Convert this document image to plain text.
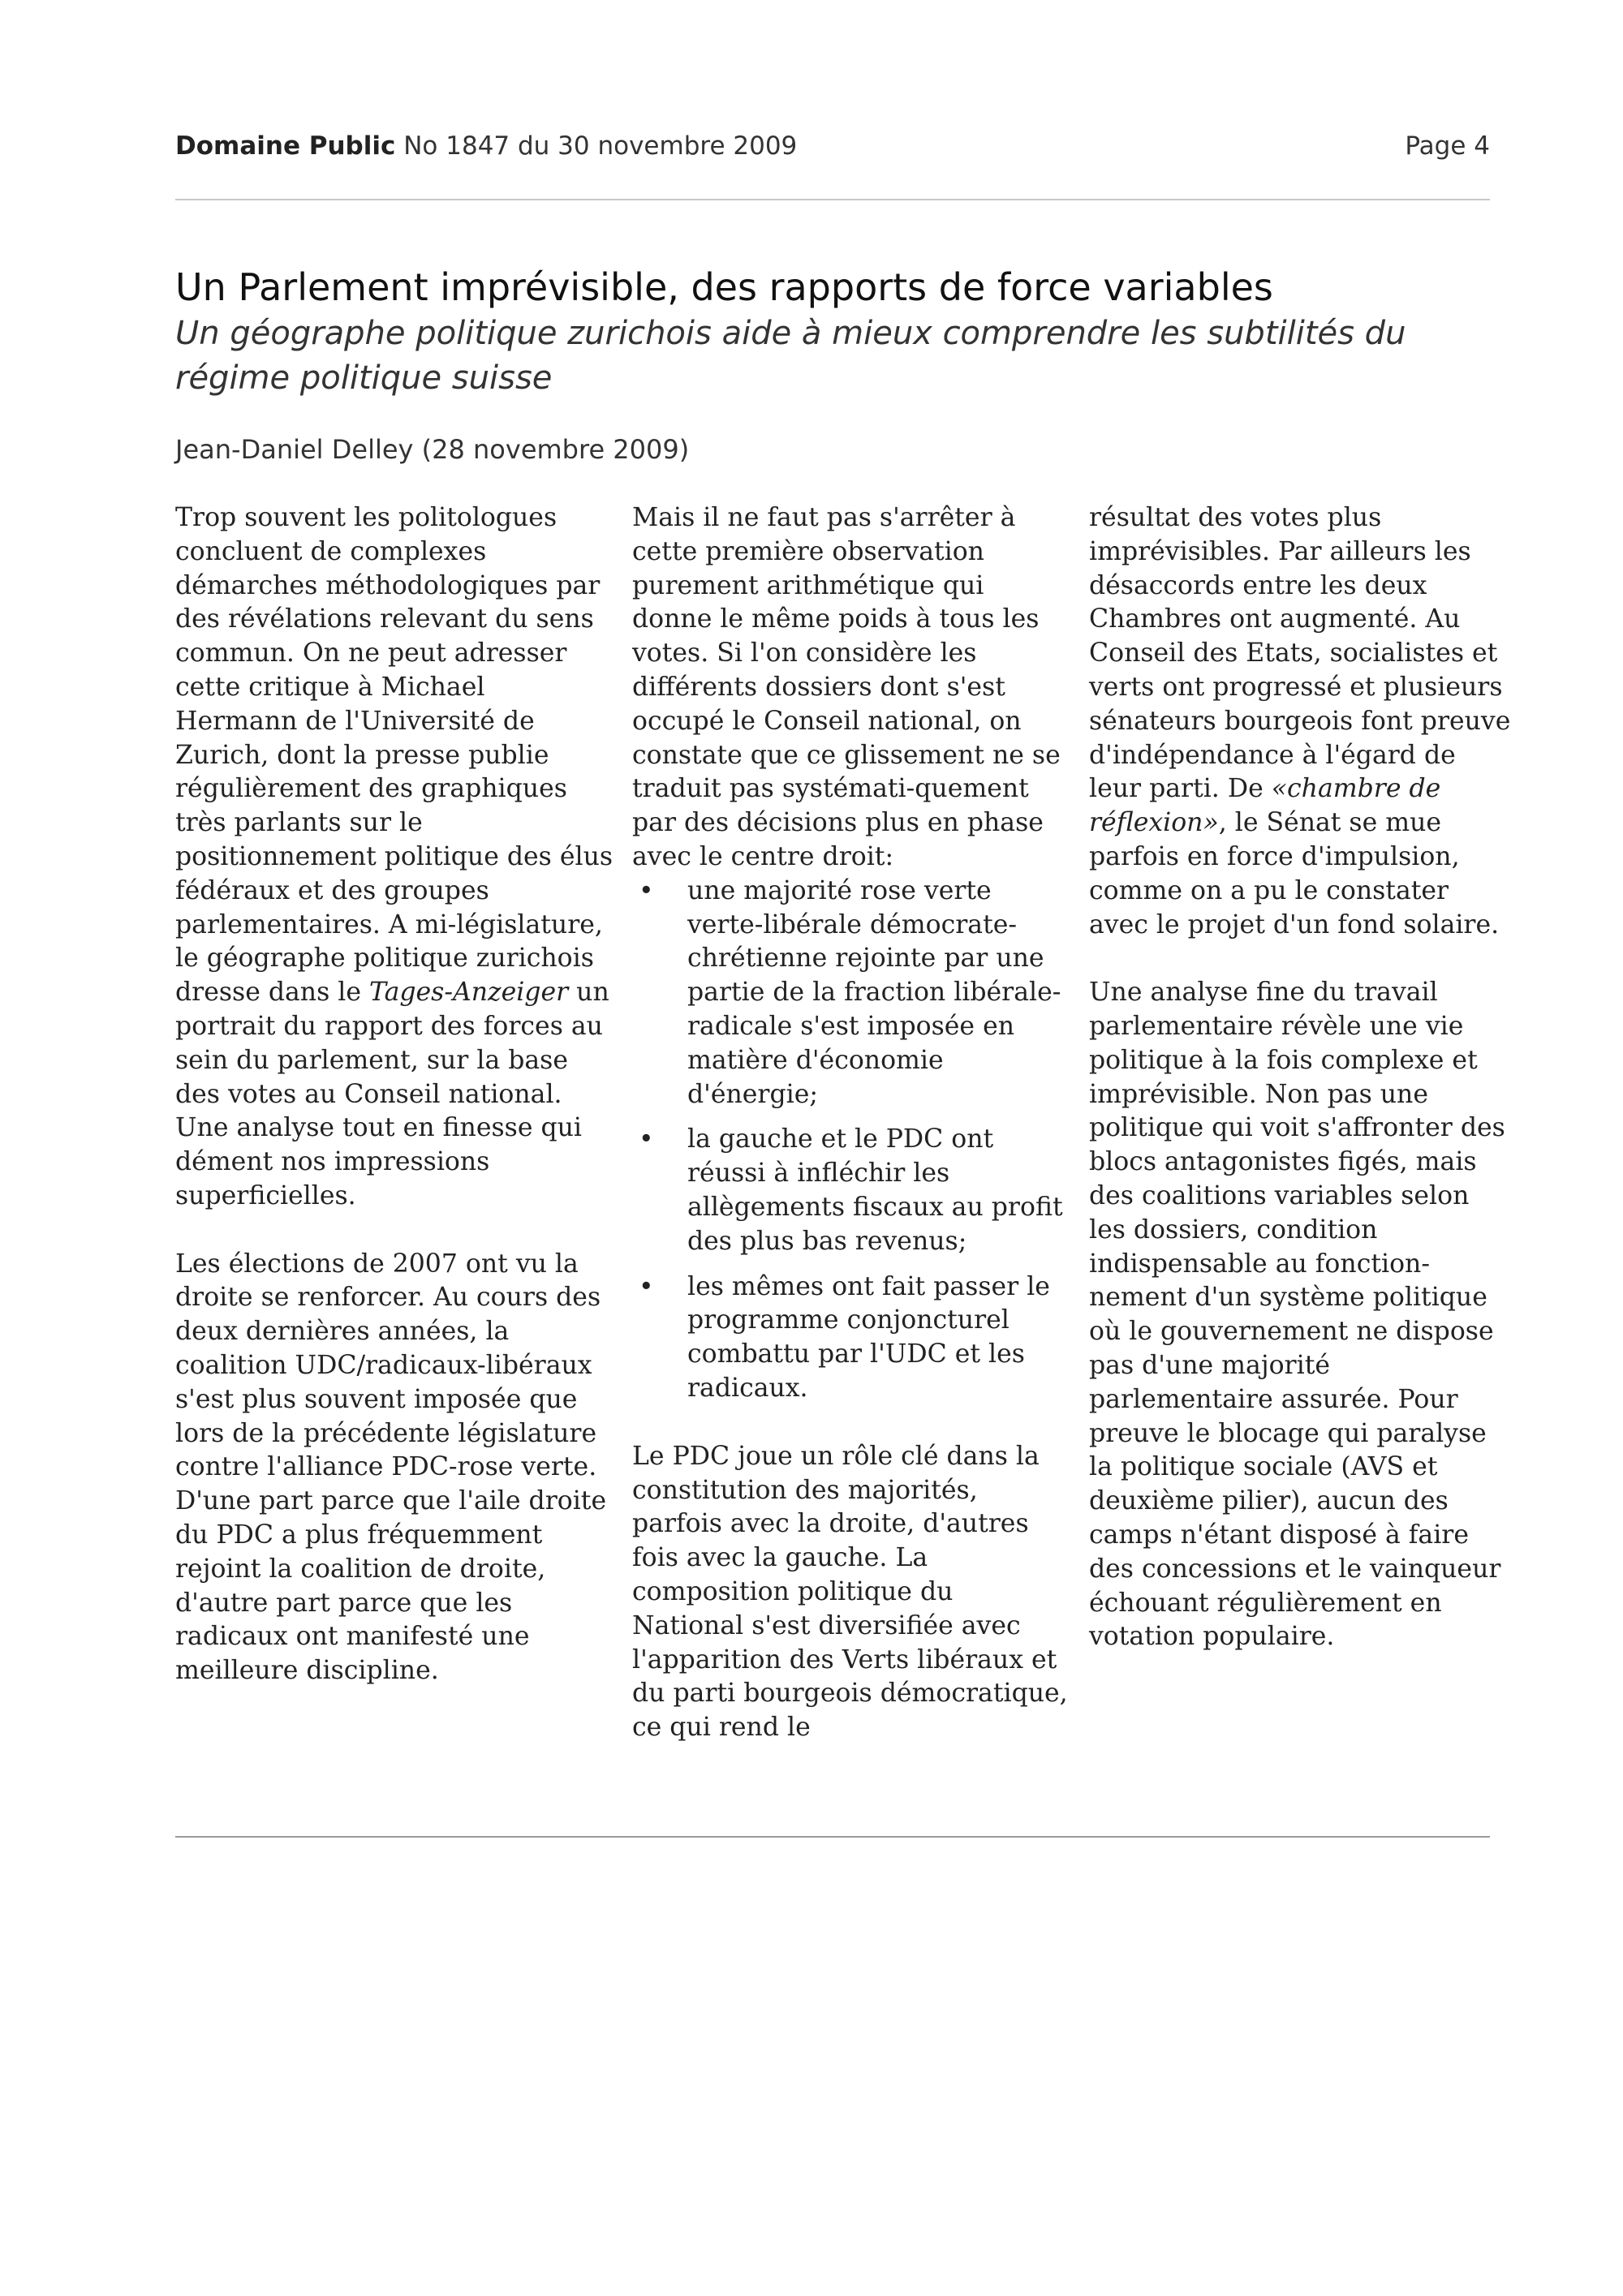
Domaine Public No 1847 du 30 novembre 2009	Page 4
Un Parlement imprévisible, des rapports de force variables

Un géographe politique zurichois aide à mieux comprendre les subtilités du régime politique suisse

Jean-Daniel Delley (28 novembre 2009)

Trop souvent les politologues concluent de complexes démarches méthodologiques par des révélations relevant du sens commun. On ne peut adresser cette critique à Michael Hermann de l'Université de Zurich, dont la presse publie régulièrement des graphiques très parlants sur le positionnement politique des élus fédéraux et des groupes parlementaires. A mi-législature, le géographe politique zurichois dresse dans le Tages-Anzeiger un portrait du rapport des forces au sein du parlement, sur la base des votes au Conseil national. Une analyse tout en finesse qui dément nos impressions superficielles.

Les élections de 2007 ont vu la droite se renforcer. Au cours des deux dernières années, la coalition UDC/radicaux-libéraux s'est plus souvent imposée que lors de la précédente législature contre l'alliance PDC-rose verte. D'une part parce que l'aile droite du PDC a plus fréquemment rejoint la coalition de droite, d'autre part parce que les radicaux ont manifesté une meilleure discipline.

Mais il ne faut pas s'arrêter à cette première observation purement arithmétique qui donne le même poids à tous les votes. Si l'on considère les différents dossiers dont s'est occupé le Conseil national, on constate que ce glissement ne se traduit pas systémati-quement par des décisions plus en phase avec le centre droit:

• une majorité rose verte verte-libérale démocrate-chrétienne rejointe par une partie de la fraction libérale-radicale s'est imposée en matière d'économie d'énergie;
• la gauche et le PDC ont réussi à infléchir les allègements fiscaux au profit des plus bas revenus;
• les mêmes ont fait passer le programme conjoncturel combattu par l'UDC et les radicaux.

Le PDC joue un rôle clé dans la constitution des majorités, parfois avec la droite, d'autres fois avec la gauche. La composition politique du National s'est diversifiée avec l'apparition des Verts libéraux et du parti bourgeois démocratique, ce qui rend le

résultat des votes plus imprévisibles. Par ailleurs les désaccords entre les deux Chambres ont augmenté. Au Conseil des Etats, socialistes et verts ont progressé et plusieurs sénateurs bourgeois font preuve d'indépendance à l'égard de leur parti. De «chambre de réflexion», le Sénat se mue parfois en force d'impulsion, comme on a pu le constater avec le projet d'un fond solaire.

Une analyse fine du travail parlementaire révèle une vie politique à la fois complexe et imprévisible. Non pas une politique qui voit s'affronter des blocs antagonistes figés, mais des coalitions variables selon les dossiers, condition indispensable au fonction-nement d'un système politique où le gouvernement ne dispose pas d'une majorité parlementaire assurée. Pour preuve le blocage qui paralyse la politique sociale (AVS et deuxième pilier), aucun des camps n'étant disposé à faire des concessions et le vainqueur échouant régulièrement en votation populaire.
